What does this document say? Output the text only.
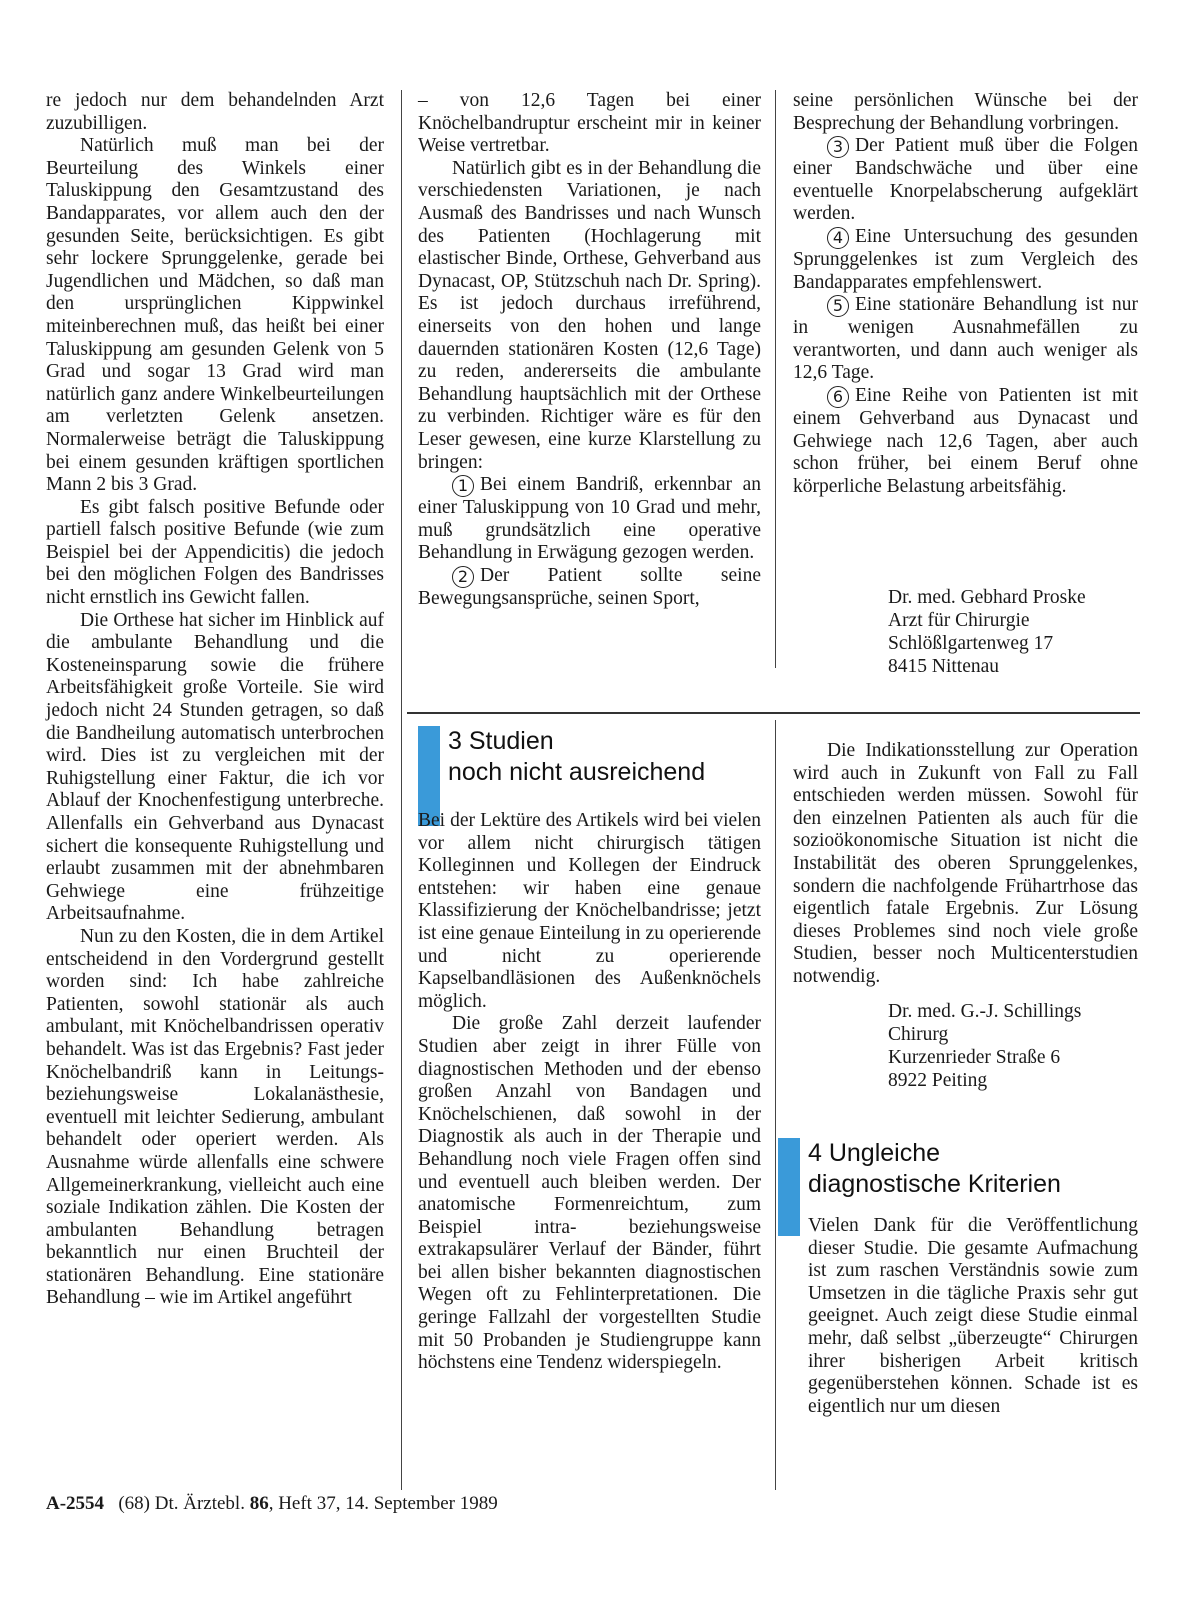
re jedoch nur dem behandelnden Arzt zuzubilligen.

Natürlich muß man bei der Beurteilung des Winkels einer Taluskippung den Gesamtzustand des Bandapparates, vor allem auch den der gesunden Seite, berücksichtigen. Es gibt sehr lockere Sprunggelenke, gerade bei Jugendlichen und Mädchen, so daß man den ursprünglichen Kippwinkel miteinberechnen muß, das heißt bei einer Taluskippung am gesunden Gelenk von 5 Grad und sogar 13 Grad wird man natürlich ganz andere Winkelbeurteilungen am verletzten Gelenk ansetzen. Normalerweise beträgt die Taluskippung bei einem gesunden kräftigen sportlichen Mann 2 bis 3 Grad.

Es gibt falsch positive Befunde oder partiell falsch positive Befunde (wie zum Beispiel bei der Appendicitis) die jedoch bei den möglichen Folgen des Bandrisses nicht ernstlich ins Gewicht fallen.

Die Orthese hat sicher im Hinblick auf die ambulante Behandlung und die Kosteneinsparung sowie die frühere Arbeitsfähigkeit große Vorteile. Sie wird jedoch nicht 24 Stunden getragen, so daß die Bandheilung automatisch unterbrochen wird. Dies ist zu vergleichen mit der Ruhigstellung einer Faktur, die ich vor Ablauf der Knochenfestigung unterbreche. Allenfalls ein Gehverband aus Dynacast sichert die konsequente Ruhigstellung und erlaubt zusammen mit der abnehmbaren Gehwiege eine frühzeitige Arbeitsaufnahme.

Nun zu den Kosten, die in dem Artikel entscheidend in den Vordergrund gestellt worden sind: Ich habe zahlreiche Patienten, sowohl stationär als auch ambulant, mit Knöchelbandrissen operativ behandelt. Was ist das Ergebnis? Fast jeder Knöchelbandriß kann in Leitungs- beziehungsweise Lokalanästhesie, eventuell mit leichter Sedierung, ambulant behandelt oder operiert werden. Als Ausnahme würde allenfalls eine schwere Allgemeinerkrankung, vielleicht auch eine soziale Indikation zählen. Die Kosten der ambulanten Behandlung betragen bekanntlich nur einen Bruchteil der stationären Behandlung. Eine stationäre Behandlung – wie im Artikel angeführt

– von 12,6 Tagen bei einer Knöchelbandruptur erscheint mir in keiner Weise vertretbar.

Natürlich gibt es in der Behandlung die verschiedensten Variationen, je nach Ausmaß des Bandrisses und nach Wunsch des Patienten (Hochlagerung mit elastischer Binde, Orthese, Gehverband aus Dynacast, OP, Stützschuh nach Dr. Spring). Es ist jedoch durchaus irreführend, einerseits von den hohen und lange dauernden stationären Kosten (12,6 Tage) zu reden, andererseits die ambulante Behandlung hauptsächlich mit der Orthese zu verbinden. Richtiger wäre es für den Leser gewesen, eine kurze Klarstellung zu bringen:

1 Bei einem Bandriß, erkennbar an einer Taluskippung von 10 Grad und mehr, muß grundsätzlich eine operative Behandlung in Erwägung gezogen werden.

2 Der Patient sollte seine Bewegungsansprüche, seinen Sport,

seine persönlichen Wünsche bei der Besprechung der Behandlung vorbringen.

3 Der Patient muß über die Folgen einer Bandschwäche und über eine eventuelle Knorpelabscherung aufgeklärt werden.

4 Eine Untersuchung des gesunden Sprunggelenkes ist zum Vergleich des Bandapparates empfehlenswert.

5 Eine stationäre Behandlung ist nur in wenigen Ausnahmefällen zu verantworten, und dann auch weniger als 12,6 Tage.

6 Eine Reihe von Patienten ist mit einem Gehverband aus Dynacast und Gehwiege nach 12,6 Tagen, aber auch schon früher, bei einem Beruf ohne körperliche Belastung arbeitsfähig.

Dr. med. Gebhard Proske
Arzt für Chirurgie
Schlößlgartenweg 17
8415 Nittenau
3 Studien
noch nicht ausreichend

Bei der Lektüre des Artikels wird bei vielen vor allem nicht chirurgisch tätigen Kolleginnen und Kollegen der Eindruck entstehen: wir haben eine genaue Klassifizierung der Knöchelbandrisse; jetzt ist eine genaue Einteilung in zu operierende und nicht zu operierende Kapselbandläsionen des Außenknöchels möglich.

Die große Zahl derzeit laufender Studien aber zeigt in ihrer Fülle von diagnostischen Methoden und der ebenso großen Anzahl von Bandagen und Knöchelschienen, daß sowohl in der Diagnostik als auch in der Therapie und Behandlung noch viele Fragen offen sind und eventuell auch bleiben werden. Der anatomische Formenreichtum, zum Beispiel intra- beziehungsweise extrakapsulärer Verlauf der Bänder, führt bei allen bisher bekannten diagnostischen Wegen oft zu Fehlinterpretationen. Die geringe Fallzahl der vorgestellten Studie mit 50 Probanden je Studiengruppe kann höchstens eine Tendenz widerspiegeln.

Die Indikationsstellung zur Operation wird auch in Zukunft von Fall zu Fall entschieden werden müssen. Sowohl für den einzelnen Patienten als auch für die sozioökonomische Situation ist nicht die Instabilität des oberen Sprunggelenkes, sondern die nachfolgende Frühartrhose das eigentlich fatale Ergebnis. Zur Lösung dieses Problemes sind noch viele große Studien, besser noch Multicenterstudien notwendig.

Dr. med. G.-J. Schillings
Chirurg
Kurzenrieder Straße 6
8922 Peiting
4 Ungleiche
diagnostische Kriterien

Vielen Dank für die Veröffentlichung dieser Studie. Die gesamte Aufmachung ist zum raschen Verständnis sowie zum Umsetzen in die tägliche Praxis sehr gut geeignet. Auch zeigt diese Studie einmal mehr, daß selbst „überzeugte“ Chirurgen ihrer bisherigen Arbeit kritisch gegenüberstehen können. Schade ist es eigentlich nur um diesen

A-2554 (68) Dt. Ärztebl. 86, Heft 37, 14. September 1989
